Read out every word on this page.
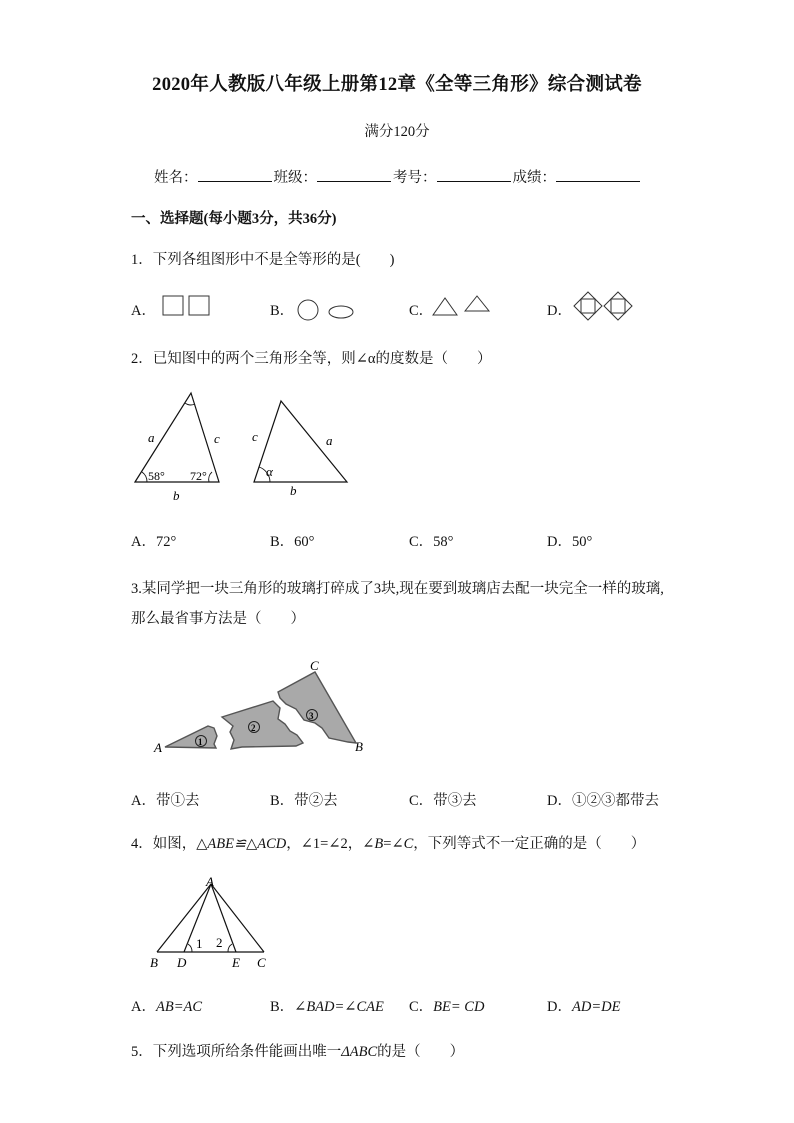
2020年人教版八年级上册第12章《全等三角形》综合测试卷
满分120分
姓名：	班级：	考号：	成绩：
一、选择题(每小题3分，共36分)
1．下列各组图形中不是全等形的是(　　)
A．	B．	C．	D．
2．已知图中的两个三角形全等，则∠α的度数是（　　）
a	c
b
58° 72°
c	a
b
α
A．72°	B．60°	C．58°	D．50°
3.某同学把一块三角形的玻璃打碎成了3块,现在要到玻璃店去配一块完全一样的玻璃,
那么最省事方法是（　　）
1
2
3
A	B
C
A．带①去	B．带②去	C．带③去	D．①②③都带去
4．如图，△ABE≌△ACD，∠1=∠2，∠B=∠C，下列等式不一定正确的是（　　）
A
B D	E C
1 2
A．AB=AC	B．∠BAD=∠CAE C．BE= CD	D．AD=DE
5．下列选项所给条件能画出唯一ΔABC的是（　　）
